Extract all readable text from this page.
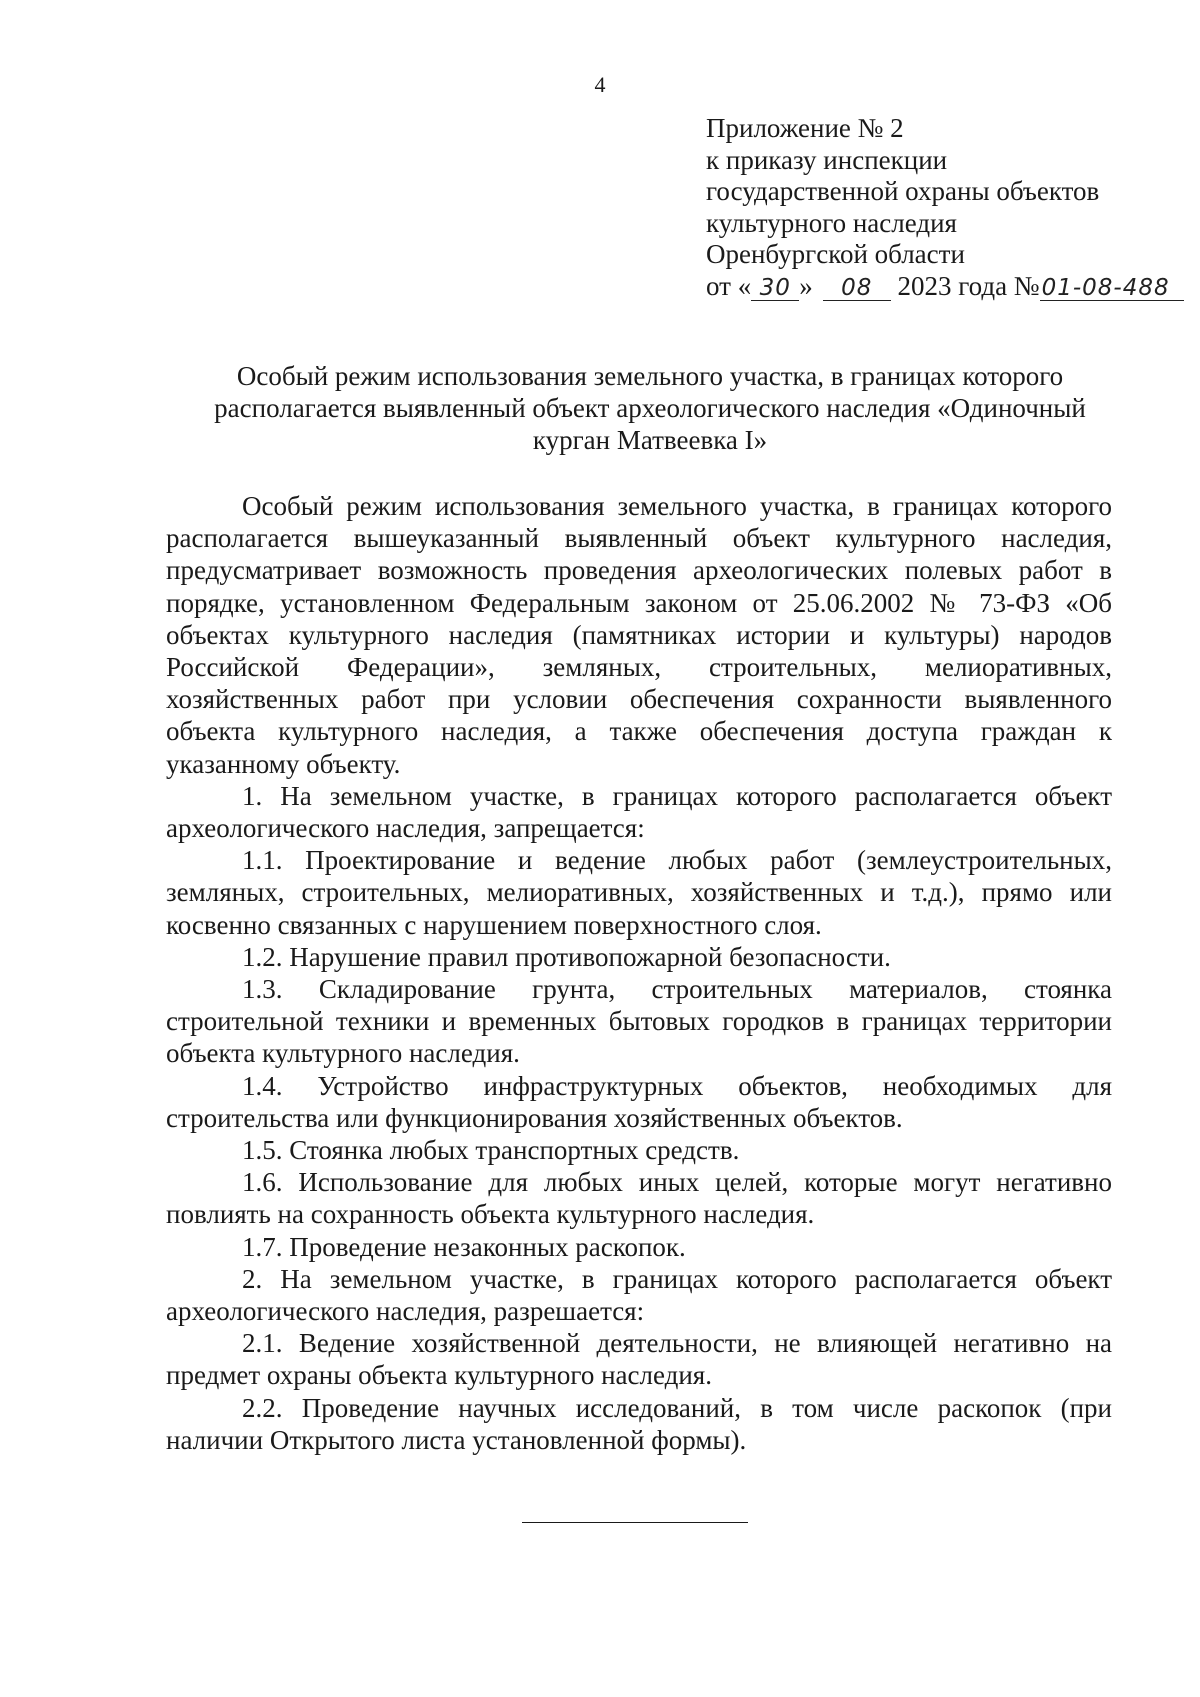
4
Приложение № 2
к приказу инспекции
государственной охраны объектов
культурного наследия
Оренбургской области
от « 30 » 08 2023 года №01-08-488
Особый режим использования земельного участка, в границах которого
располагается выявленный объект археологического наследия «Одиночный
курган Матвеевка I»

Особый режим использования земельного участка, в границах которого располагается вышеуказанный выявленный объект культурного наследия, предусматривает возможность проведения археологических полевых работ в порядке, установленном Федеральным законом от 25.06.2002 № 73-ФЗ «Об объектах культурного наследия (памятниках истории и культуры) народов Российской Федерации», земляных, строительных, мелиоративных, хозяйственных работ при условии обеспечения сохранности выявленного объекта культурного наследия, а также обеспечения доступа граждан к указанному объекту.

1. На земельном участке, в границах которого располагается объект археологического наследия, запрещается:

1.1. Проектирование и ведение любых работ (землеустроительных, земляных, строительных, мелиоративных, хозяйственных и т.д.), прямо или косвенно связанных с нарушением поверхностного слоя.

1.2. Нарушение правил противопожарной безопасности.

1.3. Складирование грунта, строительных материалов, стоянка строительной техники и временных бытовых городков в границах территории объекта культурного наследия.

1.4. Устройство инфраструктурных объектов, необходимых для строительства или функционирования хозяйственных объектов.

1.5. Стоянка любых транспортных средств.

1.6. Использование для любых иных целей, которые могут негативно повлиять на сохранность объекта культурного наследия.

1.7. Проведение незаконных раскопок.

2. На земельном участке, в границах которого располагается объект археологического наследия, разрешается:

2.1. Ведение хозяйственной деятельности, не влияющей негативно на предмет охраны объекта культурного наследия.

2.2. Проведение научных исследований, в том числе раскопок (при наличии Открытого листа установленной формы).
